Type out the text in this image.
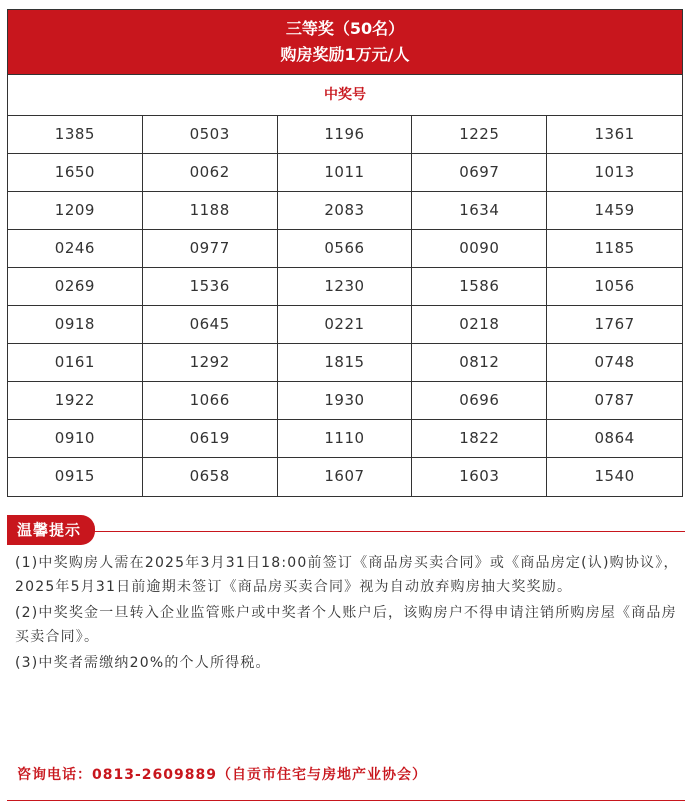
三等奖（50名）
购房奖励1万元/人
中奖号
1385	0503	1196	1225	1361
1650	0062	1011	0697	1013
1209	1188	2083	1634	1459
0246	0977	0566	0090	1185
0269	1536	1230	1586	1056
0918	0645	0221	0218	1767
0161	1292	1815	0812	0748
1922	1066	1930	0696	0787
0910	0619	1110	1822	0864
0915	0658	1607	1603	1540
温馨提示

(1)中奖购房人需在2025年3月31日18:00前签订《商品房买卖合同》或《商品房定(认)购协议》，2025年5月31日前逾期未签订《商品房买卖合同》视为自动放弃购房抽大奖奖励。

(2)中奖奖金一旦转入企业监管账户或中奖者个人账户后，该购房户不得申请注销所购房屋《商品房买卖合同》。

(3)中奖者需缴纳20%的个人所得税。

咨询电话：0813-2609889（自贡市住宅与房地产业协会）
